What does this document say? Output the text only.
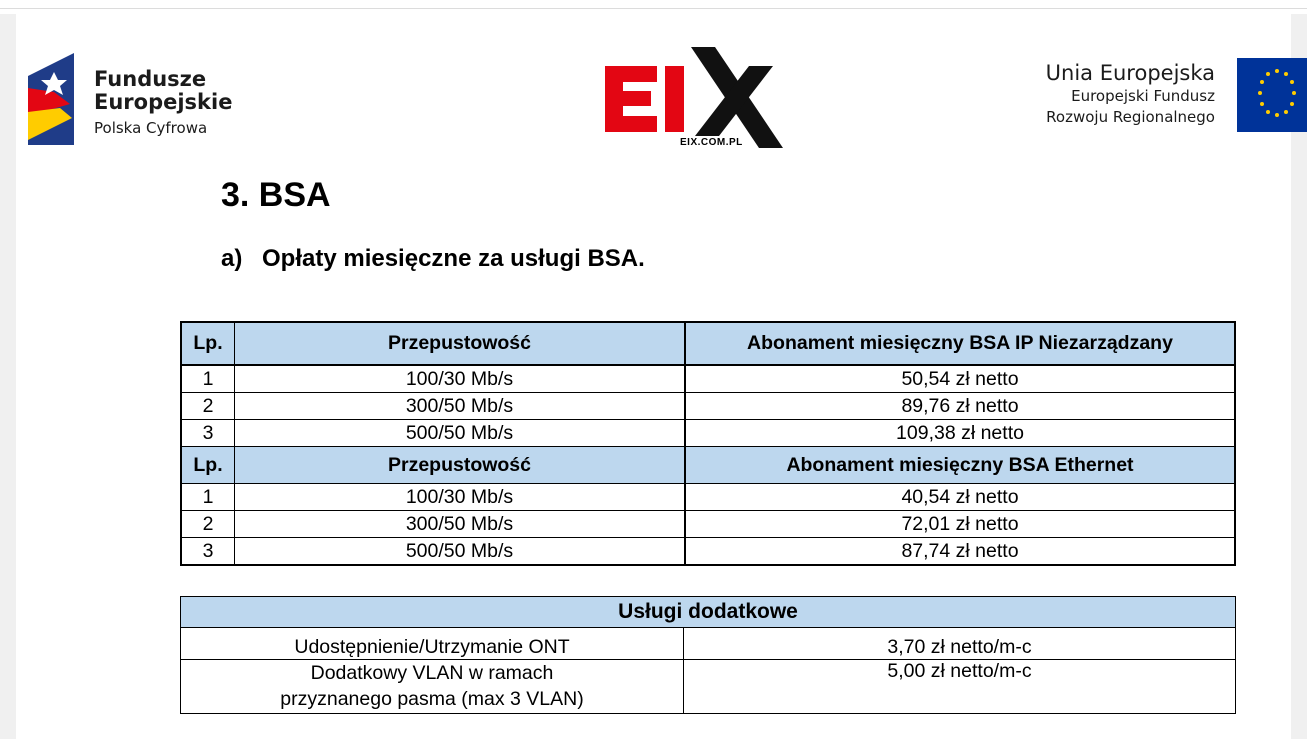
Fundusze
Europejskie
Polska Cyfrowa
EIX.COM.PL
Unia Europejska
Europejski Fundusz
Rozwoju Regionalnego
3. BSA
a) Opłaty miesięczne za usługi BSA.
Lp.	Przepustowość	Abonament miesięczny BSA IP Niezarządzany
1	100/30 Mb/s	50,54 zł netto
2	300/50 Mb/s	89,76 zł netto
3	500/50 Mb/s	109,38 zł netto
Lp.	Przepustowość	Abonament miesięczny BSA Ethernet
1	100/30 Mb/s	40,54 zł netto
2	300/50 Mb/s	72,01 zł netto
3	500/50 Mb/s	87,74 zł netto
Usługi dodatkowe	
Udostępnienie/Utrzymanie ONT	3,70 zł netto/m-c
Dodatkowy VLAN w ramach
przyznanego pasma (max 3 VLAN)	5,00 zł netto/m-c
